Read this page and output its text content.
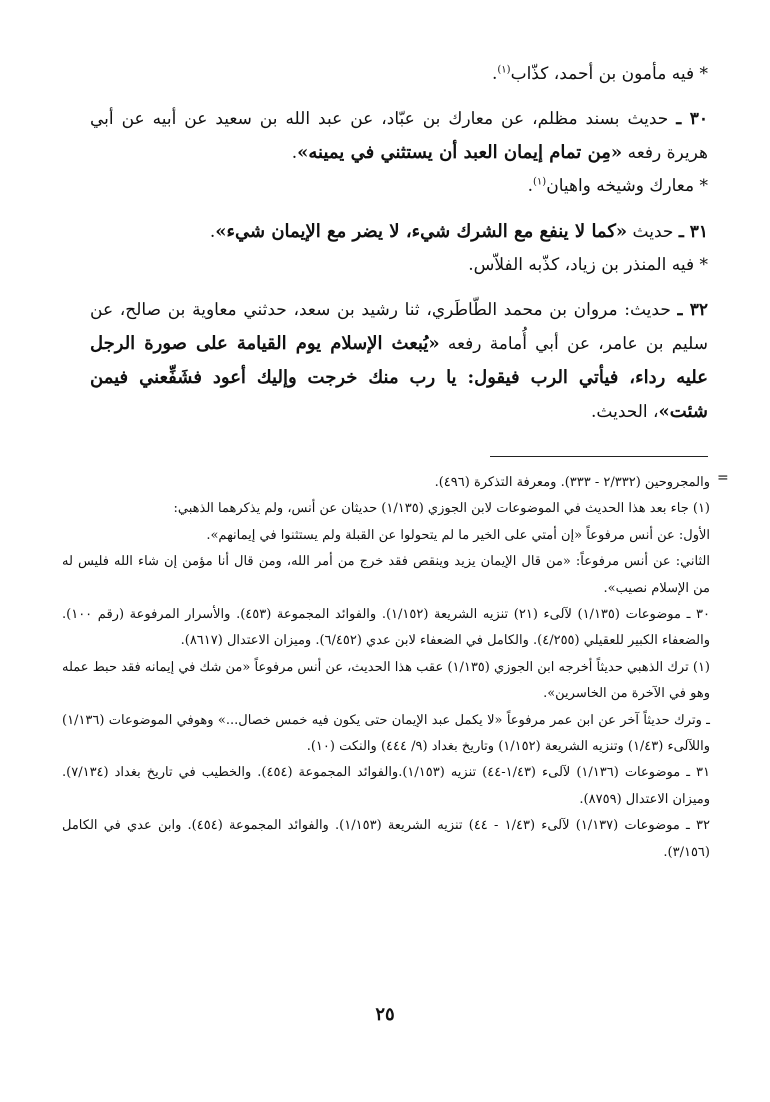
* فيه مأمون بن أحمد، كذّاب$^{(١)}$.

٣٠ ـ حديث بسند مظلم، عن معارك بن عبّاد، عن عبد الله بن سعيد عن أبيه عن أبي هريرة رفعه «مِن تمام إيمان العبد أن يستثني في يمينه».

* معارك وشيخه واهيان$^{(١)}$.

٣١ ـ حديث «كما لا ينفع مع الشرك شيء، لا يضر مع الإيمان شيء».

* فيه المنذر بن زياد، كذّبه الفلاّس.

٣٢ ـ حديث: مروان بن محمد الطّاطَري، ثنا رشيد بن سعد، حدثني معاوية بن صالح، عن سليم بن عامر، عن أبي أُمامة رفعه «يُبعث الإسلام يوم القيامة على صورة الرجل عليه رداء، فيأتي الرب فيقول: يا رب منك خرجت وإليك أعود فشَفِّعني فيمن شئت»، الحديث.

=

والمجروحين (٢/٣٣٢ - ٣٣٣). ومعرفة التذكرة (٤٩٦).

(١) جاء بعد هذا الحديث في الموضوعات لابن الجوزي (١/١٣٥) حديثان عن أنس، ولم يذكرهما الذهبي:

الأول: عن أنس مرفوعاً «إن أمتي على الخير ما لم يتحولوا عن القبلة ولم يستثنوا في إيمانهم».

الثاني: عن أنس مرفوعاً: «من قال الإيمان يزيد وينقص فقد خرج من أمر الله، ومن قال أنا مؤمن إن شاء الله فليس له من الإسلام نصيب».

٣٠ ـ موضوعات (١/١٣٥) لآلىء (٢١) تنزيه الشريعة (١/١٥٢). والفوائد المجموعة (٤٥٣). والأسرار المرفوعة (رقم ١٠٠). والضعفاء الكبير للعقيلي (٤/٢٥٥). والكامل في الضعفاء لابن عدي (٦/٤٥٢). وميزان الاعتدال (٨٦١٧).

(١) ترك الذهبي حديثاً أخرجه ابن الجوزي (١/١٣٥) عقب هذا الحديث، عن أنس مرفوعاً «من شك في إيمانه فقد حبط عمله وهو في الآخرة من الخاسرين».

ـ وترك حديثاً آخر عن ابن عمر مرفوعاً «لا يكمل عبد الإيمان حتى يكون فيه خمس خصال...» وهوفي الموضوعات (١/١٣٦) واللآلىء (١/٤٣) وتنزيه الشريعة (١/١٥٢) وتاريخ بغداد (٩/ ٤٤٤) والنكت (١٠).

٣١ ـ موضوعات (١/١٣٦) لآلىء (١/٤٣-٤٤) تنزيه (١/١٥٣).والفوائد المجموعة (٤٥٤). والخطيب في تاريخ بغداد (٧/١٣٤). وميزان الاعتدال (٨٧٥٩).

٣٢ ـ موضوعات (١/١٣٧) لآلىء (١/٤٣ - ٤٤) تنزيه الشريعة (١/١٥٣). والفوائد المجموعة (٤٥٤). وابن عدي في الكامل (٣/١٥٦).

٢٥
